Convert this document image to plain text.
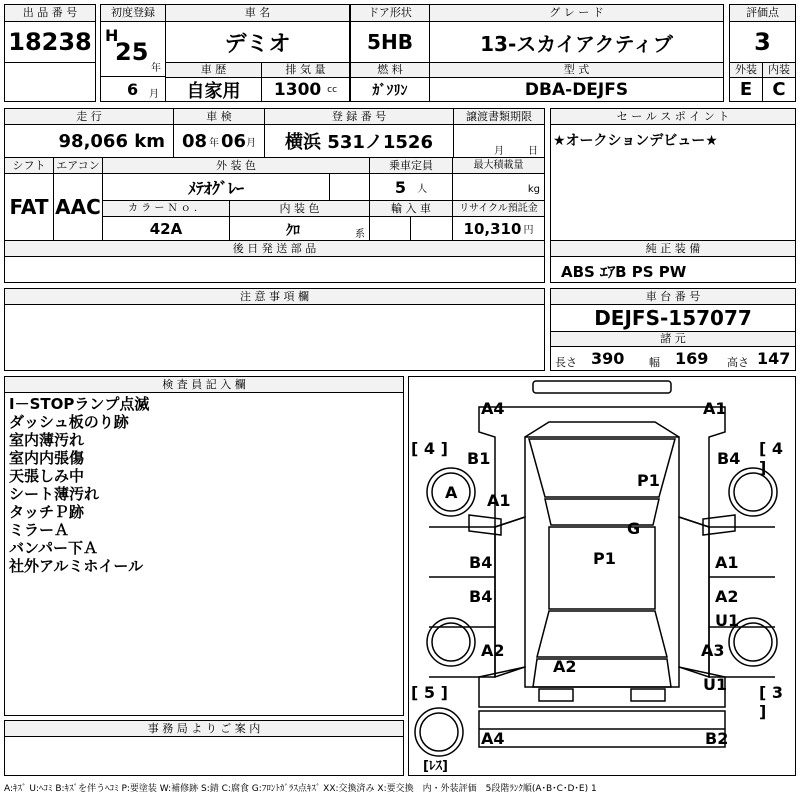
出 品 番 号
18238
初度登録
H
25
年
6 月
車 名
デミオ
ドア形状
5HB
グ レ ー ド
13-スカイアクティブ
評価点
3
車 歴
自家用
排 気 量
1300
cc
燃 料
ｶﾞｿﾘﾝ
型 式
DBA-DEJFS
外装
E
内装
C
走 行
98,066
km
車 検
08 年 06 月
登 録 番 号
横浜 531ノ1526
譲渡書類期限
月 日
シフト
FAT
エアコン
AAC
外 装 色
ﾒﾃｵｸﾞﾚｰ
乗車定員
5
人
最大積載量
kg
カ ラ ー Ｎ ｏ ．
42A
内 装 色
ｸﾛ	系
輸 入 車	リサイクル預託金
10,310 円
セ ー ル ス ポ イ ン ト
★オークションデビュー★
後 日 発 送 部 品	純 正 装 備
ABS ｴｱB PS PW
注 意 事 項 欄	車 台 番 号
DEJFS-157077
諸 元
長さ 390 幅 169 高さ 147
検 査 員 記 入 欄
I－STOPランプ点滅
ダッシュ板のり跡
室内薄汚れ
室内内張傷
天張しみ中
シート薄汚れ
タッチＰ跡
ミラーＡ
バンパー下Ａ
社外アルミホイール
事 務 局 よ り ご 案 内
A4	A1
[ 4 ]	[ 4 ]
B1	B4
A A1
P1
G
B4	P1	A1
B4	A2
U1
A2	A3
A2
U1
[ 5 ]	[ 3 ]
A4	B2
[ﾚｽ]
A:ｷｽﾞ U:ﾍｺﾐ B:ｷｽﾞを伴うﾍｺﾐ P:要塗装 W:補修跡 S:錆 C:腐食 G:ﾌﾛﾝﾄｶﾞﾗｽ点ｷｽﾞ XX:交換済み X:要交換　内・外装評価　5段階ﾗﾝｸ順(A･B･C･D･E) 1
